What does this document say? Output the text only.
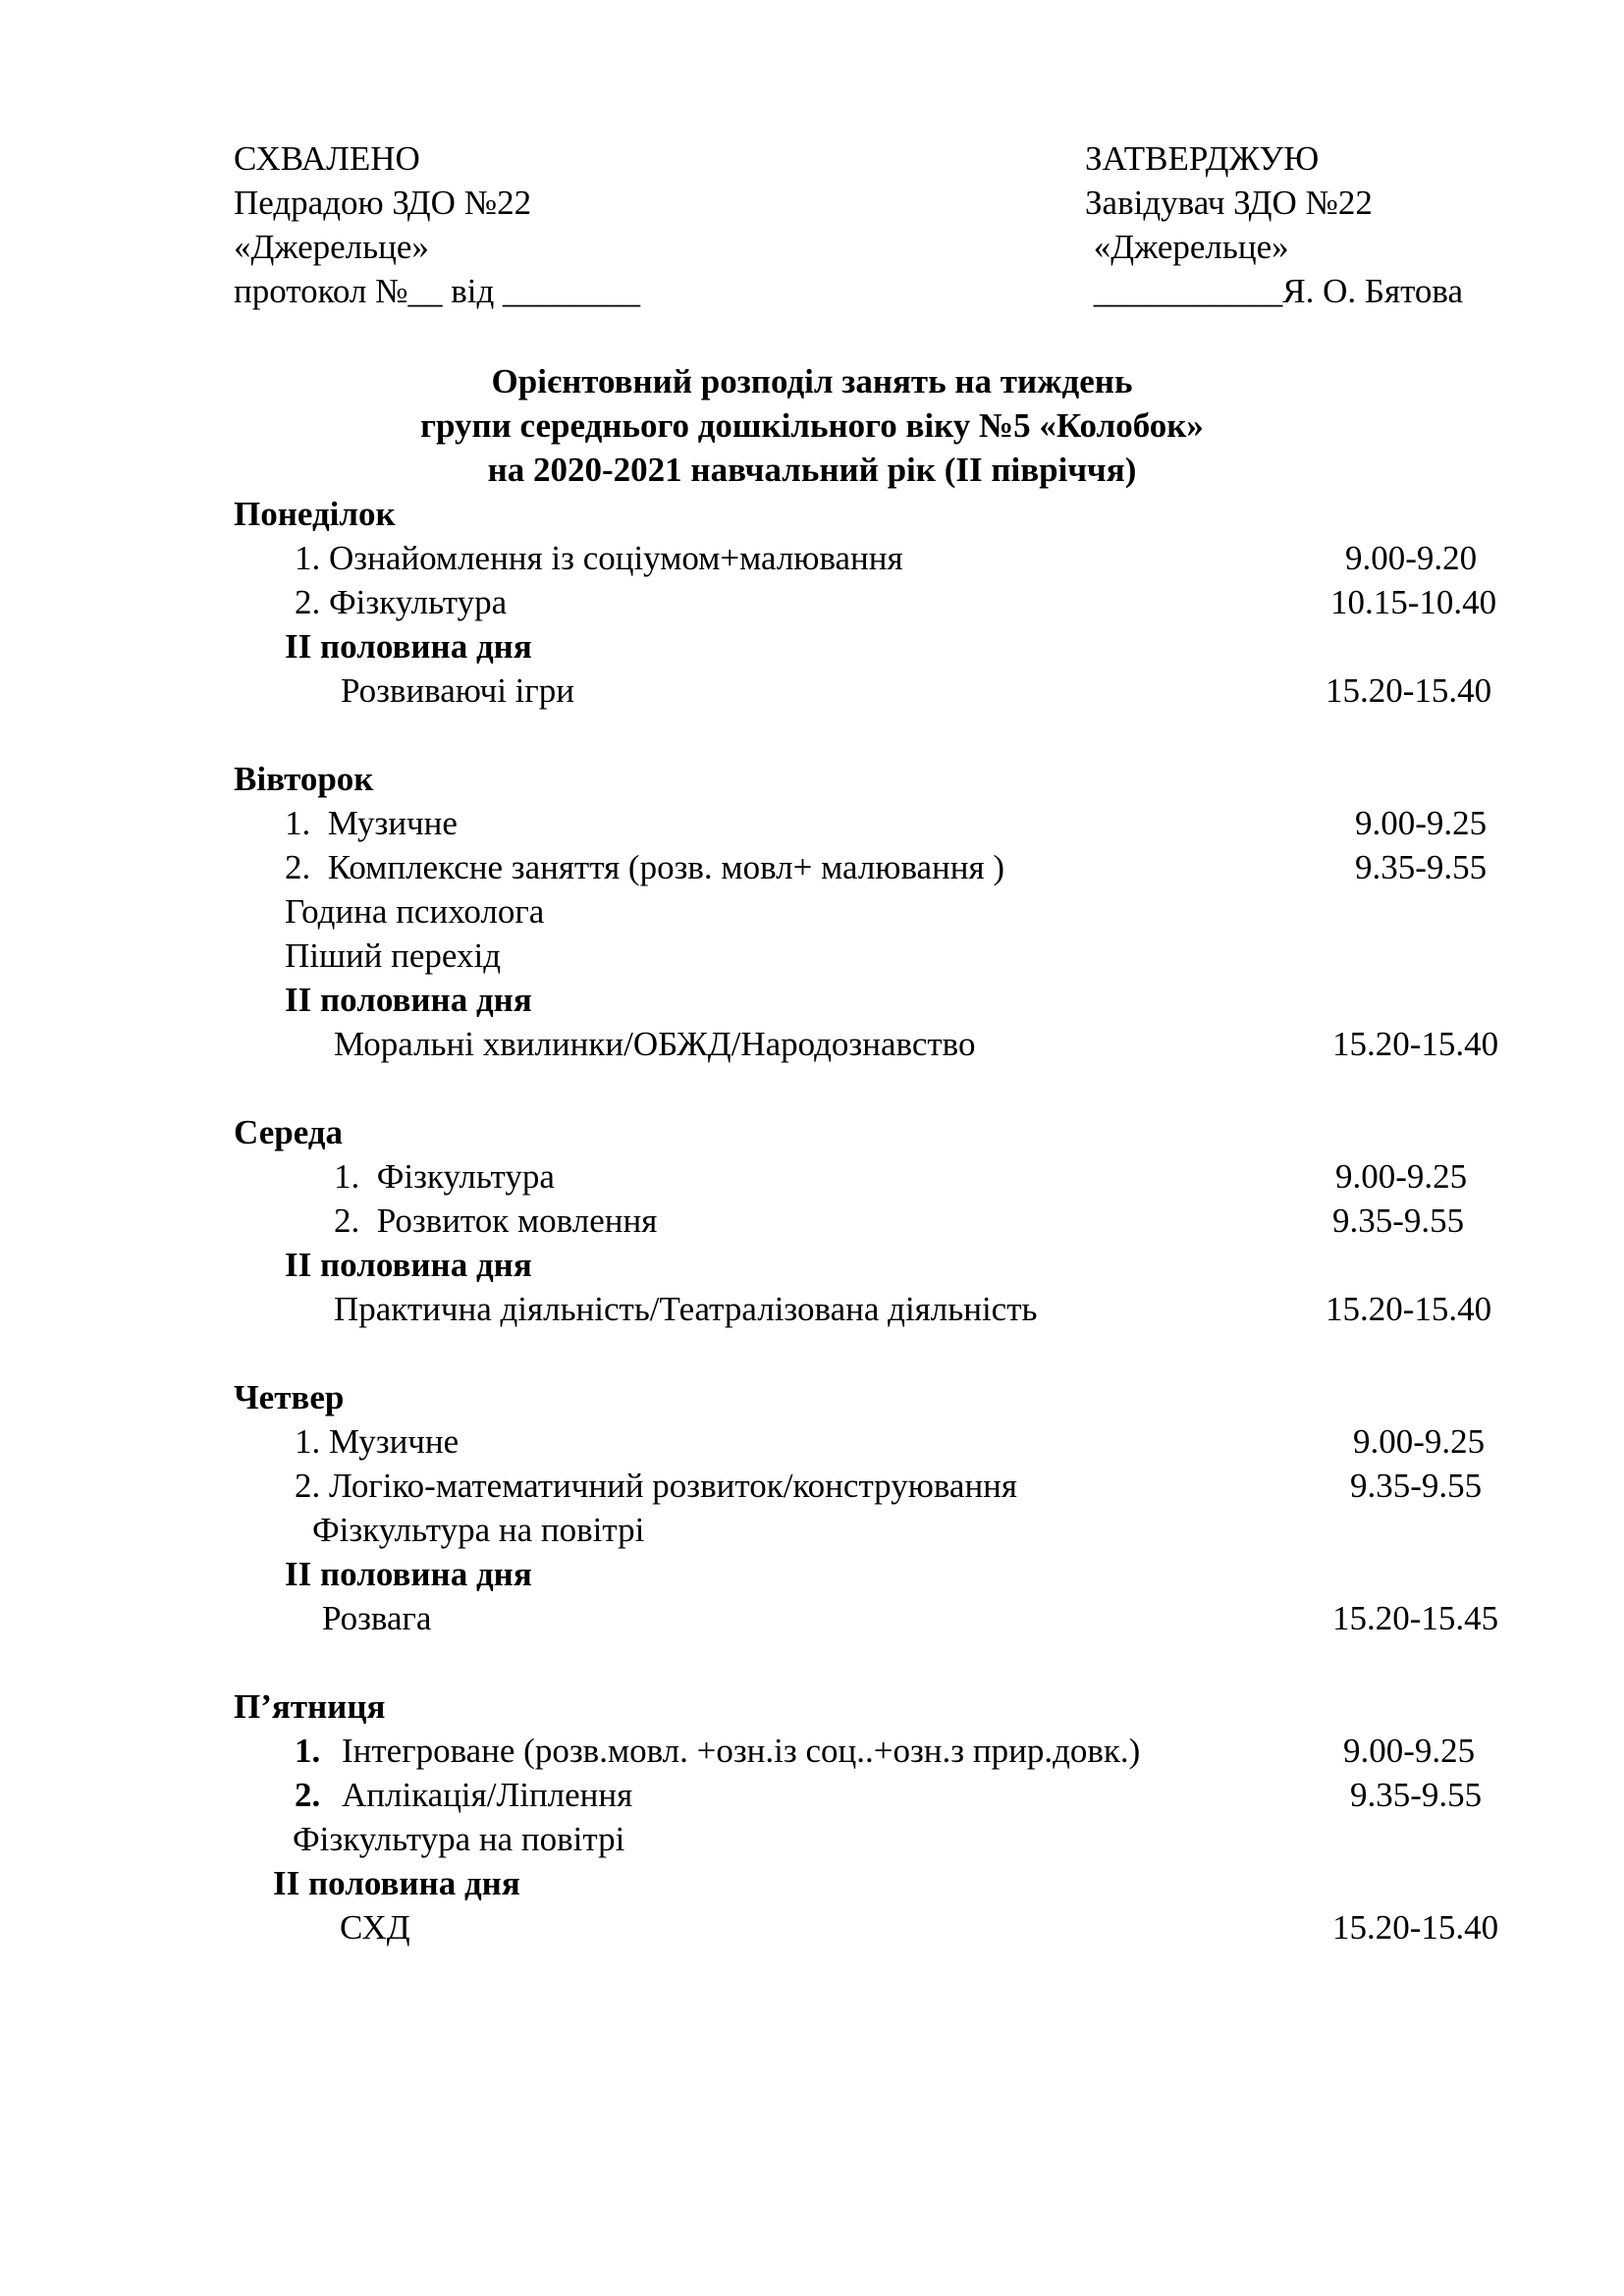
СХВАЛЕНО
Педрадою ЗДО №22
«Джерельце»
протокол №__ від ________
ЗАТВЕРДЖУЮ
Завідувач ЗДО №22
«Джерельце»
___________Я. О. Бятова
Орієнтовний розподіл занять на тиждень
групи середнього дошкільного віку №5 «Колобок»
на 2020-2021 навчальний рік (ІІ півріччя)
Понеділок
1. Ознайомлення із соціумом+малювання	9.00-9.20
2. Фізкультура	10.15-10.40
ІІ половина дня
Розвиваючі ігри	15.20-15.40
Вівторок
1.  Музичне	9.00-9.25
2.  Комплексне заняття (розв. мовл+ малювання )	9.35-9.55
Година психолога
Піший перехід
ІІ половина дня
Моральні хвилинки/ОБЖД/Народознавство	15.20-15.40
Середа
1.  Фізкультура	9.00-9.25
2.  Розвиток мовлення	9.35-9.55
ІІ половина дня
Практична діяльність/Театралізована діяльність	15.20-15.40
Четвер
1. Музичне	9.00-9.25
2. Логіко-математичний розвиток/конструювання	9.35-9.55
Фізкультура на повітрі
ІІ половина дня
Розвага	15.20-15.45
П’ятниця
1. Інтегроване (розв.мовл. +озн.із соц..+озн.з прир.довк.)	9.00-9.25
2. Аплікація/Ліплення	9.35-9.55
Фізкультура на повітрі
ІІ половина дня
СХД	15.20-15.40
